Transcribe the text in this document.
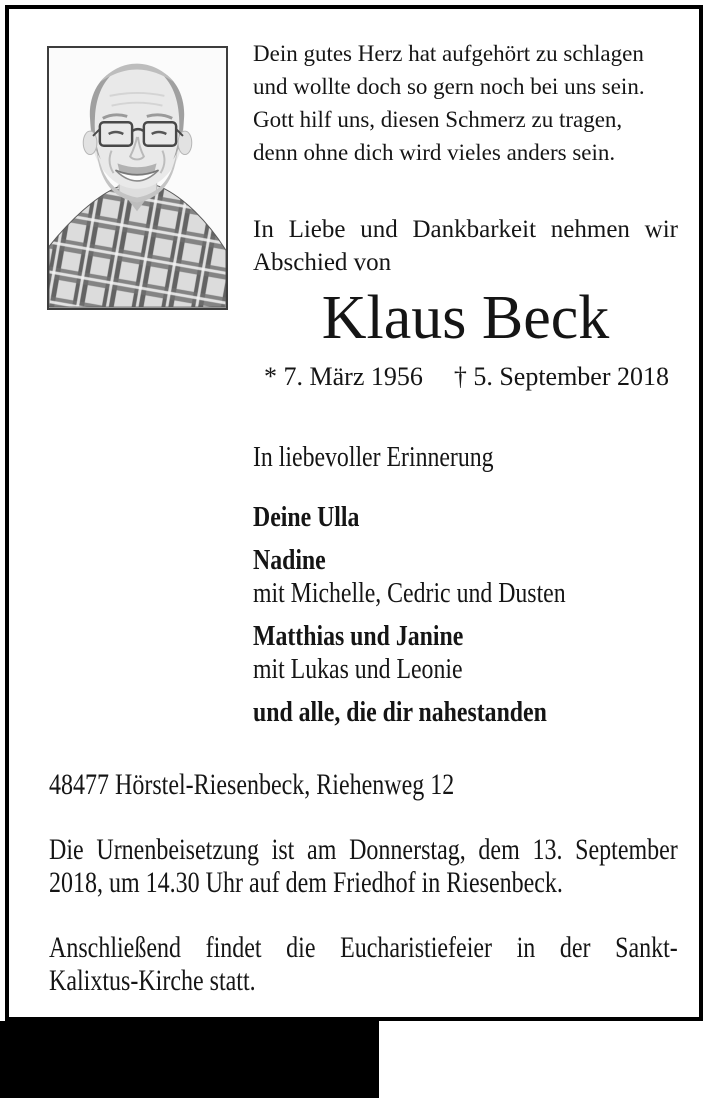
Dein gutes Herz hat aufgehört zu schlagen
und wollte doch so gern noch bei uns sein.
Gott hilf uns, diesen Schmerz zu tragen,
denn ohne dich wird vieles anders sein.
In Liebe und Dankbarkeit nehmen wir
Abschied von
Klaus Beck
* 7. März 1956 † 5. September 2018
In liebevoller Erinnerung
Deine Ulla
Nadine
mit Michelle, Cedric und Dusten
Matthias und Janine
mit Lukas und Leonie
und alle, die dir nahestanden
48477 Hörstel-Riesenbeck, Riehenweg 12
Die Urnenbeisetzung ist am Donnerstag, dem 13. September
2018, um 14.30 Uhr auf dem Friedhof in Riesenbeck.
Anschließend findet die Eucharistiefeier in der Sankt-
Kalixtus-Kirche statt.
